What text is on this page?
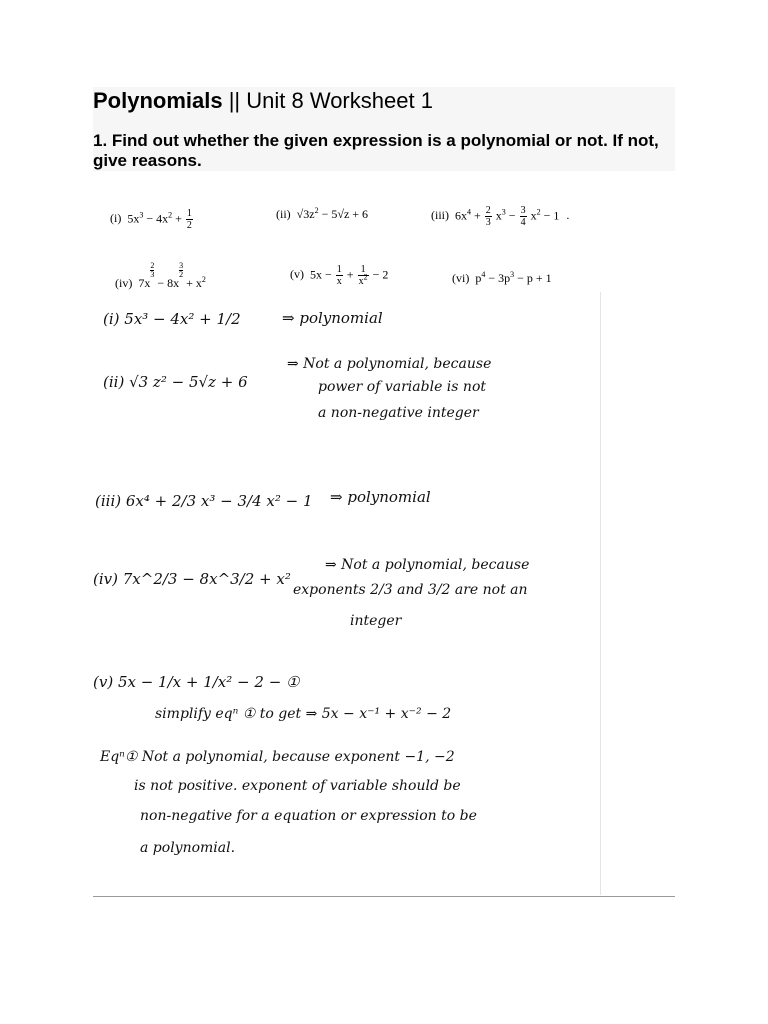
Polynomials || Unit 8 Worksheet 1
1. Find out whether the given expression is a polynomial or not. If not, give reasons.
(i) $5x^3 - 4x^2 + \frac{1}{2}$	(ii) $√3z^2 - 5√z + 6$	(iii) $6x^4 + \frac{2}{3} x^3 - \frac{3}{4} x^2 - 1$ .
(iv) 7x
$\frac{2}{3} - 8x$
$\frac{3}{2} + x^2$	(v) $5x - \frac{1}{x} + \frac{1}{x^2} - 2$	(vi) $p^4 - 3p^3 - p + 1$
(i) 5x³ − 4x² + 1/2	⇒ polynomial
(ii) √3 z² − 5√z + 6
⇒ Not a polynomial, because
power of variable is not
a non-negative integer
(iii) 6x⁴ + 2/3 x³ − 3/4 x² − 1 ⇒ polynomial
(iv) 7x^2/3 − 8x^3/2 + x²
⇒ Not a polynomial, because
exponents 2/3 and 3/2 are not an
integer
(v) 5x − 1/x + 1/x² − 2 − ①
simplify eqⁿ ① to get ⇒ 5x − x⁻¹ + x⁻² − 2
Eqⁿ① Not a polynomial, because exponent −1, −2
is not positive. exponent of variable should be
non-negative for a equation or expression to be
a polynomial.
